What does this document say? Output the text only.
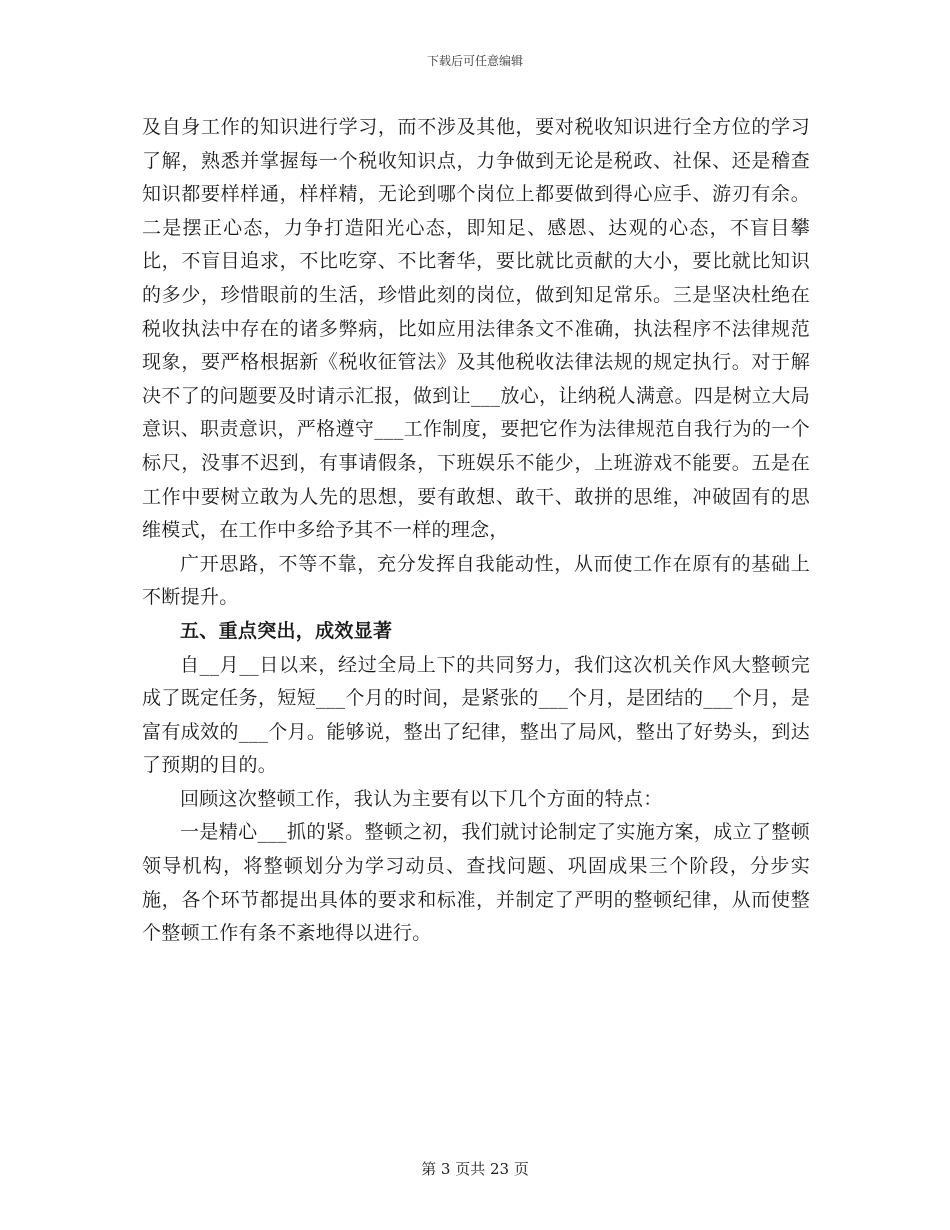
下载后可任意编辑

及自身工作的知识进行学习，而不涉及其他，要对税收知识进行全方位的学习了解，熟悉并掌握每一个税收知识点，力争做到无论是税政、社保、还是稽查知识都要样样通，样样精，无论到哪个岗位上都要做到得心应手、游刃有余。二是摆正心态，力争打造阳光心态，即知足、感恩、达观的心态，不盲目攀比，不盲目追求，不比吃穿、不比奢华，要比就比贡献的大小，要比就比知识的多少，珍惜眼前的生活，珍惜此刻的岗位，做到知足常乐。三是坚决杜绝在税收执法中存在的诸多弊病，比如应用法律条文不准确，执法程序不法律规范现象，要严格根据新《税收征管法》及其他税收法律法规的规定执行。对于解决不了的问题要及时请示汇报，做到让___放心，让纳税人满意。四是树立大局意识、职责意识，严格遵守___工作制度，要把它作为法律规范自我行为的一个标尺，没事不迟到，有事请假条，下班娱乐不能少，上班游戏不能要。五是在工作中要树立敢为人先的思想，要有敢想、敢干、敢拼的思维，冲破固有的思维模式，在工作中多给予其不一样的理念，

广开思路，不等不靠，充分发挥自我能动性，从而使工作在原有的基础上不断提升。

五、重点突出，成效显著

自__月__日以来，经过全局上下的共同努力，我们这次机关作风大整顿完成了既定任务，短短___个月的时间，是紧张的___个月，是团结的___个月，是富有成效的___个月。能够说，整出了纪律，整出了局风，整出了好势头，到达了预期的目的。

回顾这次整顿工作，我认为主要有以下几个方面的特点：

一是精心___抓的紧。整顿之初，我们就讨论制定了实施方案，成立了整顿领导机构，将整顿划分为学习动员、查找问题、巩固成果三个阶段，分步实施，各个环节都提出具体的要求和标准，并制定了严明的整顿纪律，从而使整个整顿工作有条不紊地得以进行。

第 3 页共 23 页
